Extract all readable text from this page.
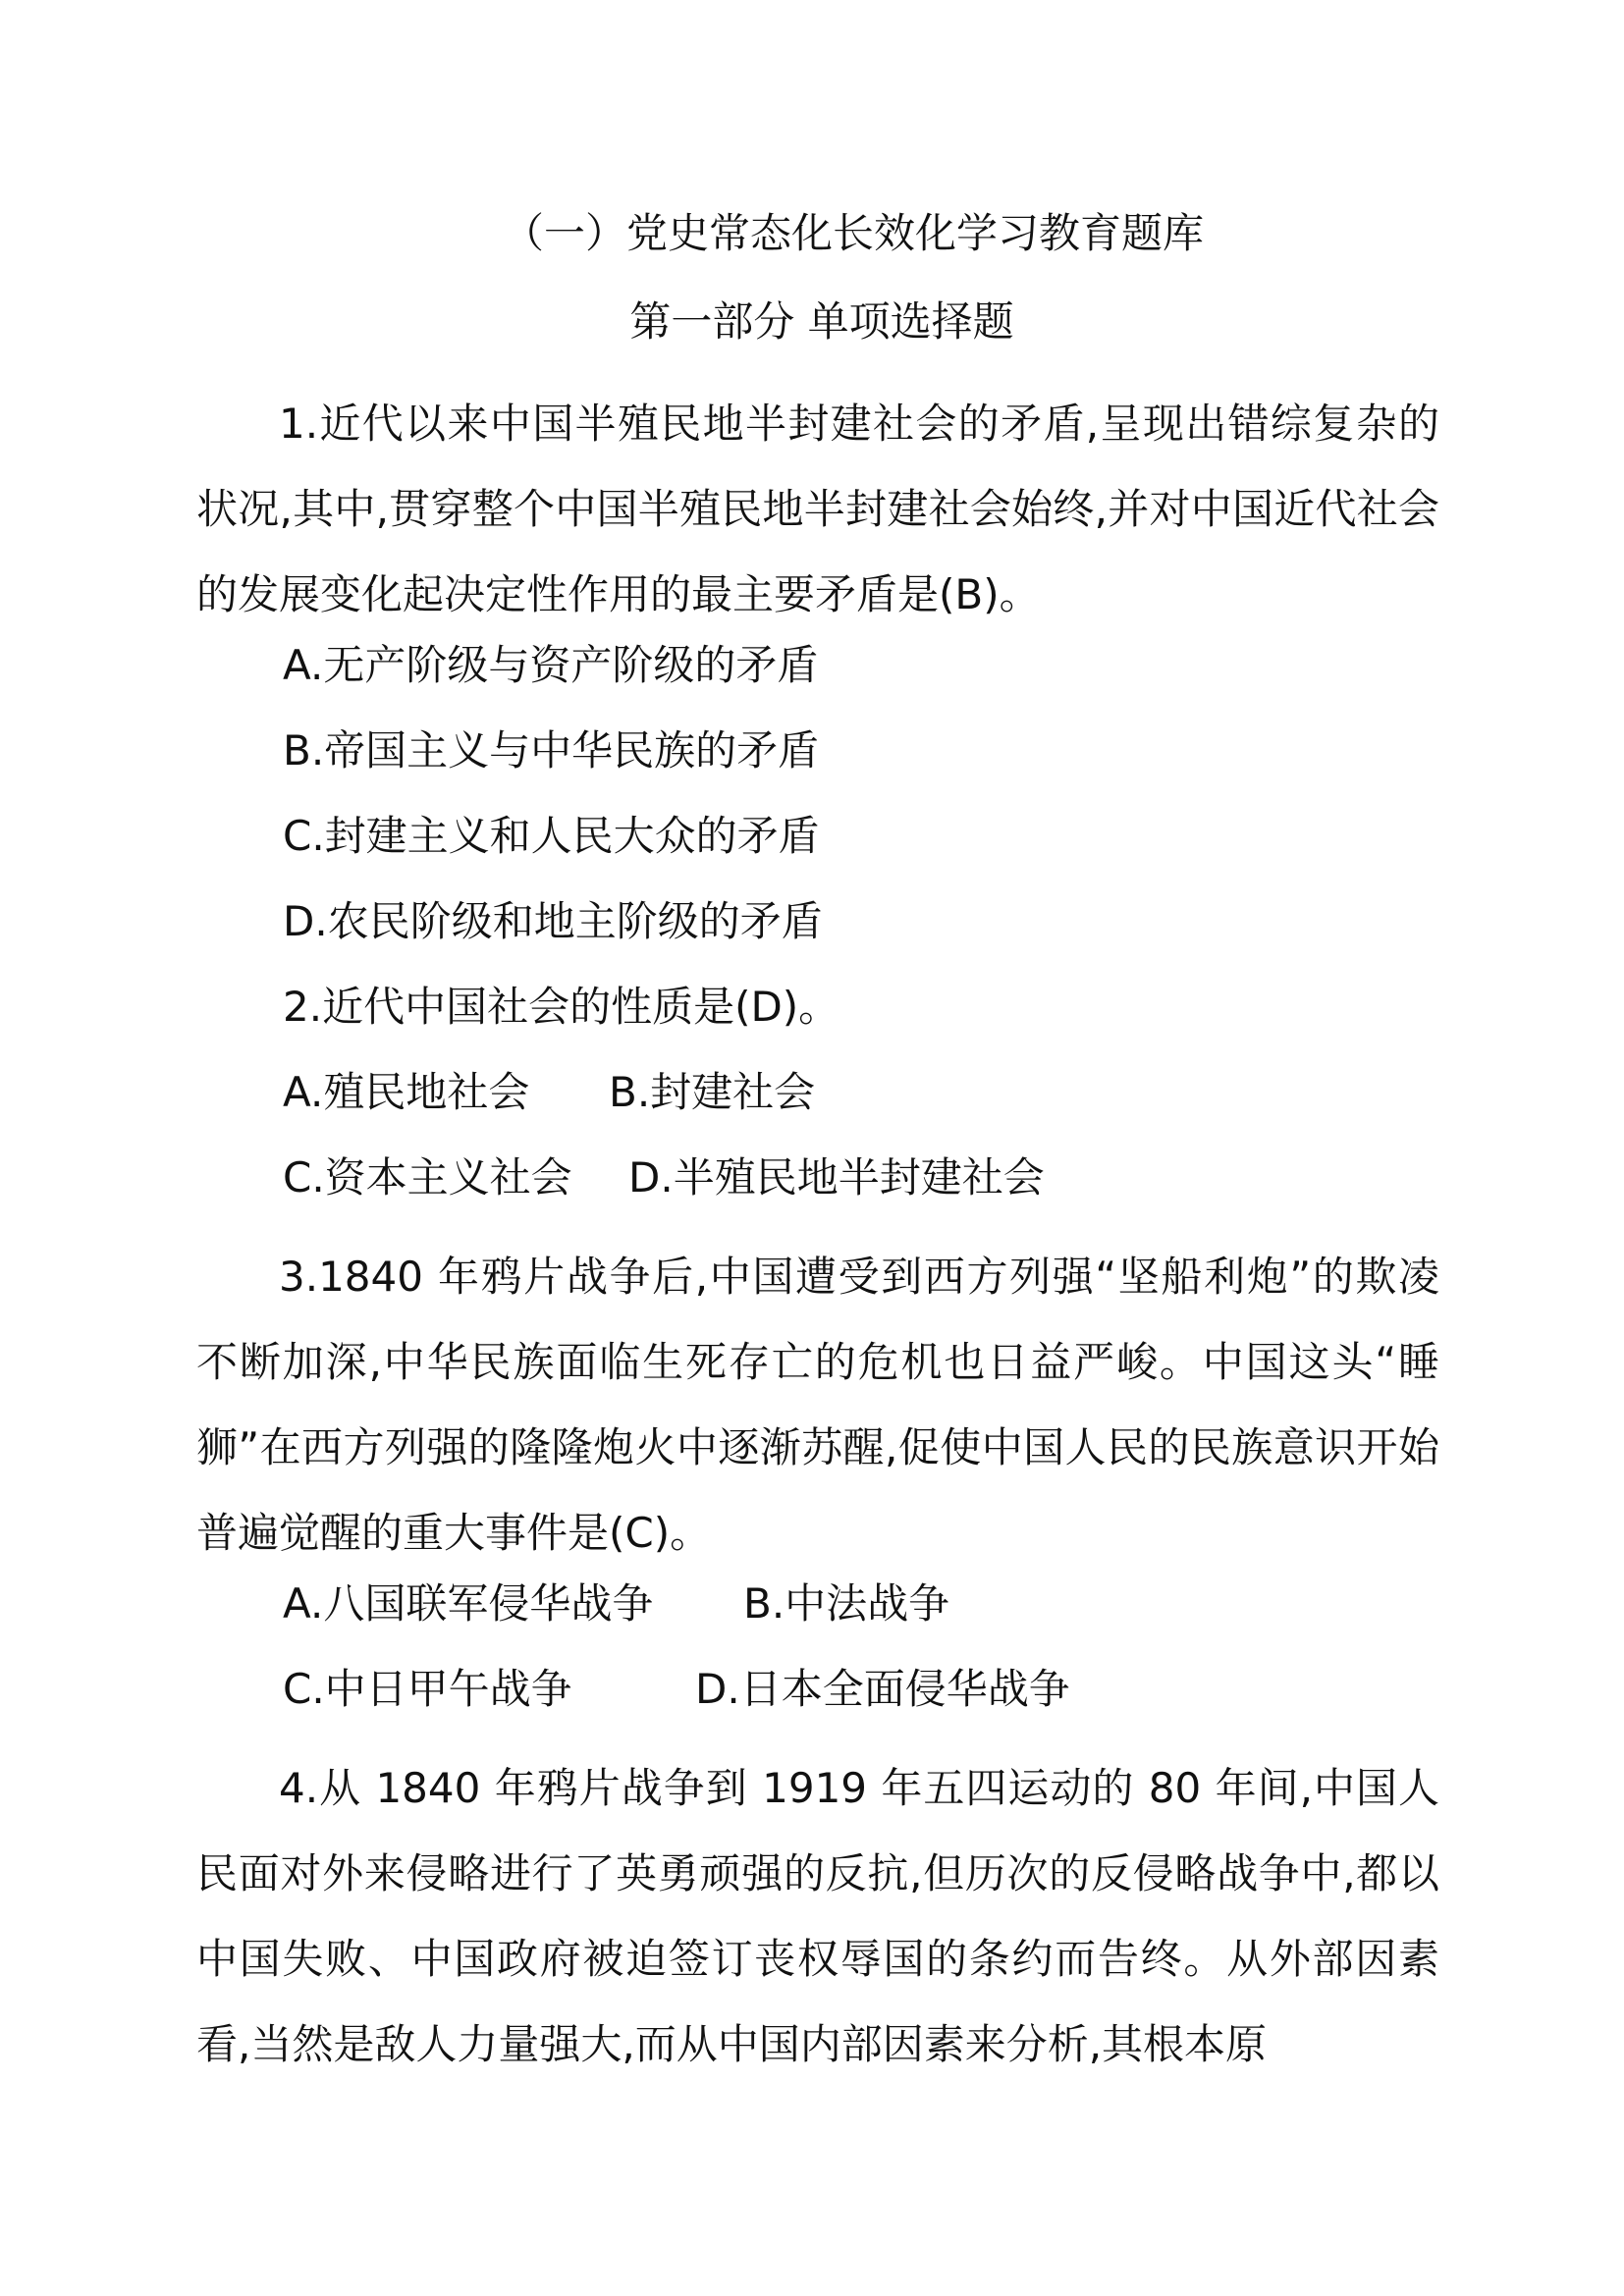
（一）党史常态化长效化学习教育题库
第一部分 单项选择题
1.近代以来中国半殖民地半封建社会的矛盾,呈现出错综复杂的状况,其中,贯穿整个中国半殖民地半封建社会始终,并对中国近代社会的发展变化起决定性作用的最主要矛盾是(B)。
A.无产阶级与资产阶级的矛盾
B.帝国主义与中华民族的矛盾
C.封建主义和人民大众的矛盾
D.农民阶级和地主阶级的矛盾
2.近代中国社会的性质是(D)。
A.殖民地社会 B.封建社会
C.资本主义社会 D.半殖民地半封建社会
3.1840 年鸦片战争后,中国遭受到西方列强“坚船利炮”的欺凌不断加深,中华民族面临生死存亡的危机也日益严峻。中国这头“睡狮”在西方列强的隆隆炮火中逐渐苏醒,促使中国人民的民族意识开始普遍觉醒的重大事件是(C)。
A.八国联军侵华战争 B.中法战争
C.中日甲午战争	D.日本全面侵华战争
4.从 1840 年鸦片战争到 1919 年五四运动的 80 年间,中国人民面对外来侵略进行了英勇顽强的反抗,但历次的反侵略战争中,都以中国失败、中国政府被迫签订丧权辱国的条约而告终。从外部因素看,当然是敌人力量强大,而从中国内部因素来分析,其根本原
